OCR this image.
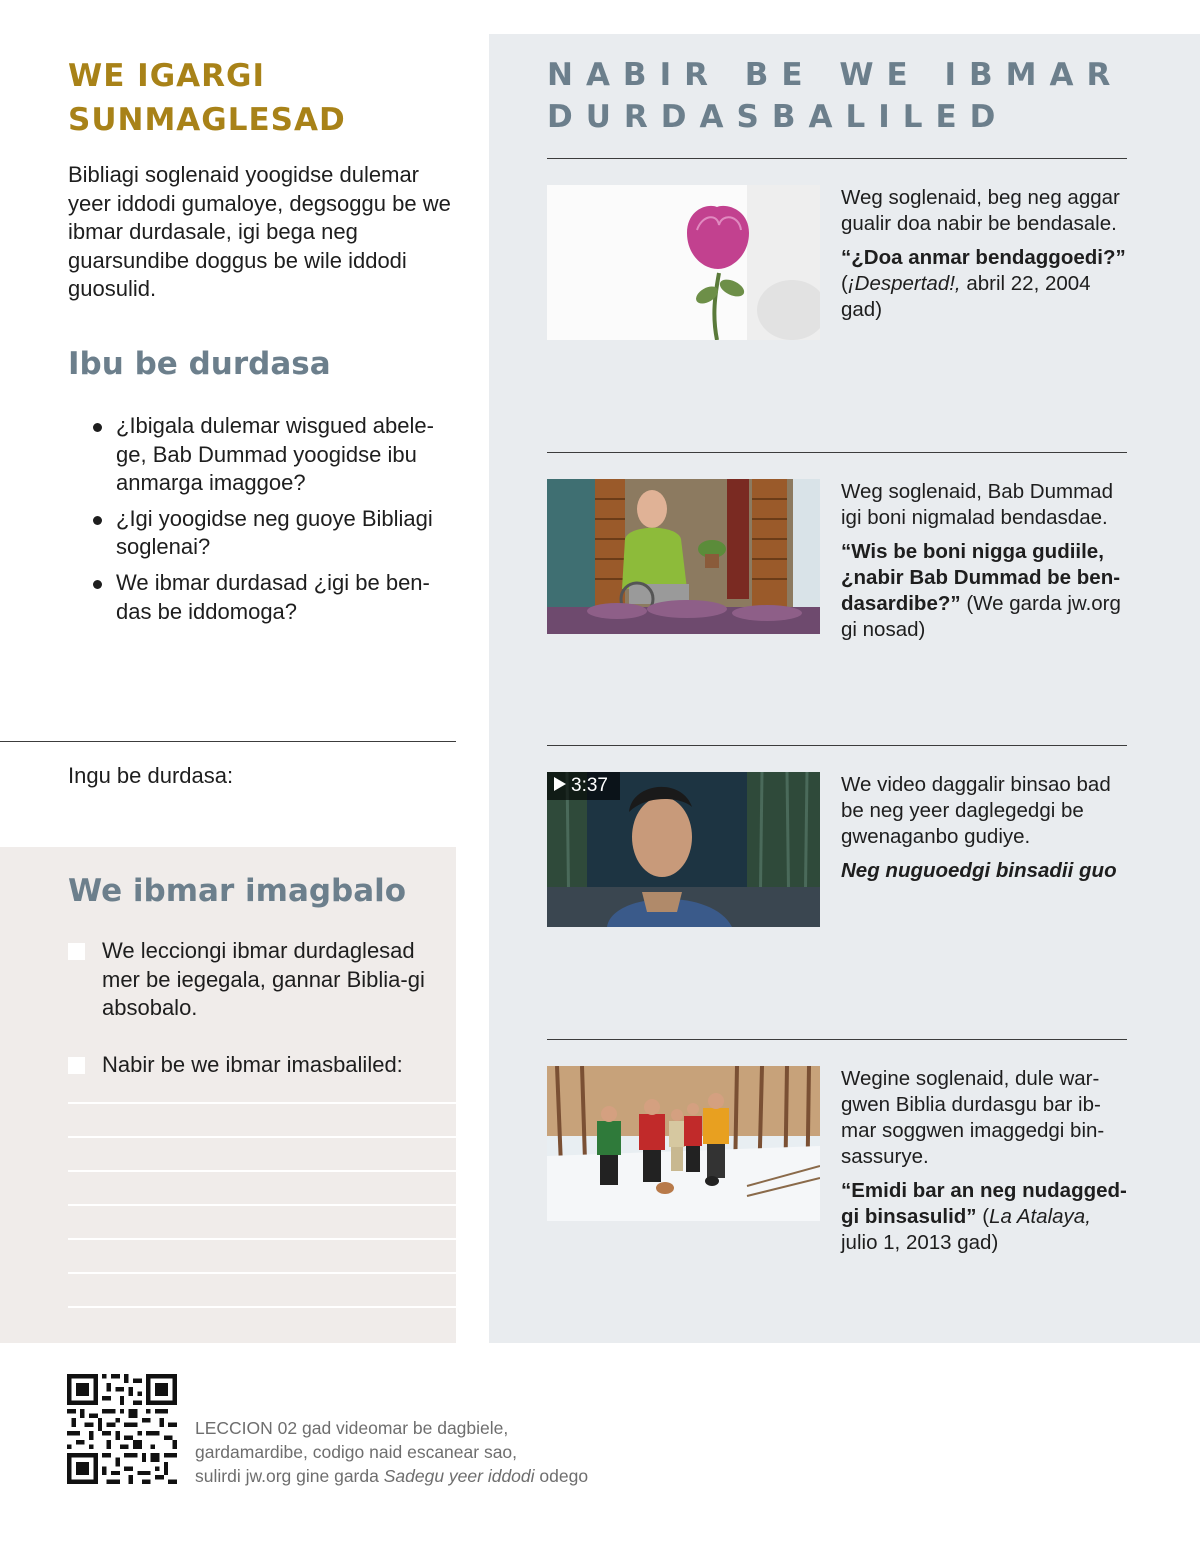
WE IGARGI SUNMAGLESAD

Bibliagi soglenaid yoogidse dulemar yeer iddodi gumaloye, degsoggu be we ibmar durdasale, igi bega neg guarsundibe doggus be wile iddodi guosulid.

Ibu be durdasa
¿Ibigala dulemar wisgued abele-ge, Bab Dummad yoogidse ibu anmarga imaggoe?
¿Igi yoogidse neg guoye Bibliagi soglenai?
We ibmar durdasad ¿igi be ben-das be iddomoga?
Ingu be durdasa:
We ibmar imagbalo
We lecciongi ibmar durdaglesad mer be iegegala, gannar Biblia-gi absobalo.
Nabir be we ibmar imasbaliled:
NABIR BE WE IBMAR DURDASBALILED

Weg soglenaid, beg neg aggar gualir doa nabir be bendasale.

“¿Doa anmar bendaggoedi?” (¡Despertad!, abril 22, 2004 gad)

Weg soglenaid, Bab Dummad igi boni nigmalad bendasdae.

“Wis be boni nigga gudiile, ¿nabir Bab Dummad be ben-dasardibe?” (We garda jw.org gi nosad)

3:37	We video daggalir binsao bad be neg yeer daglegedgi be gwenaganbo gudiye.

Neg nuguoedgi binsadii guo

Wegine soglenaid, dule war-gwen Biblia durdasgu bar ib-mar soggwen imaggedgi bin-sassurye.

“Emidi bar an neg nudagged-gi binsasulid” (La Atalaya, julio 1, 2013 gad)

LECCION 02 gad videomar be dagbiele,
gardamardibe, codigo naid escanear sao,
sulirdi jw.org gine garda Sadegu yeer iddodi odego
